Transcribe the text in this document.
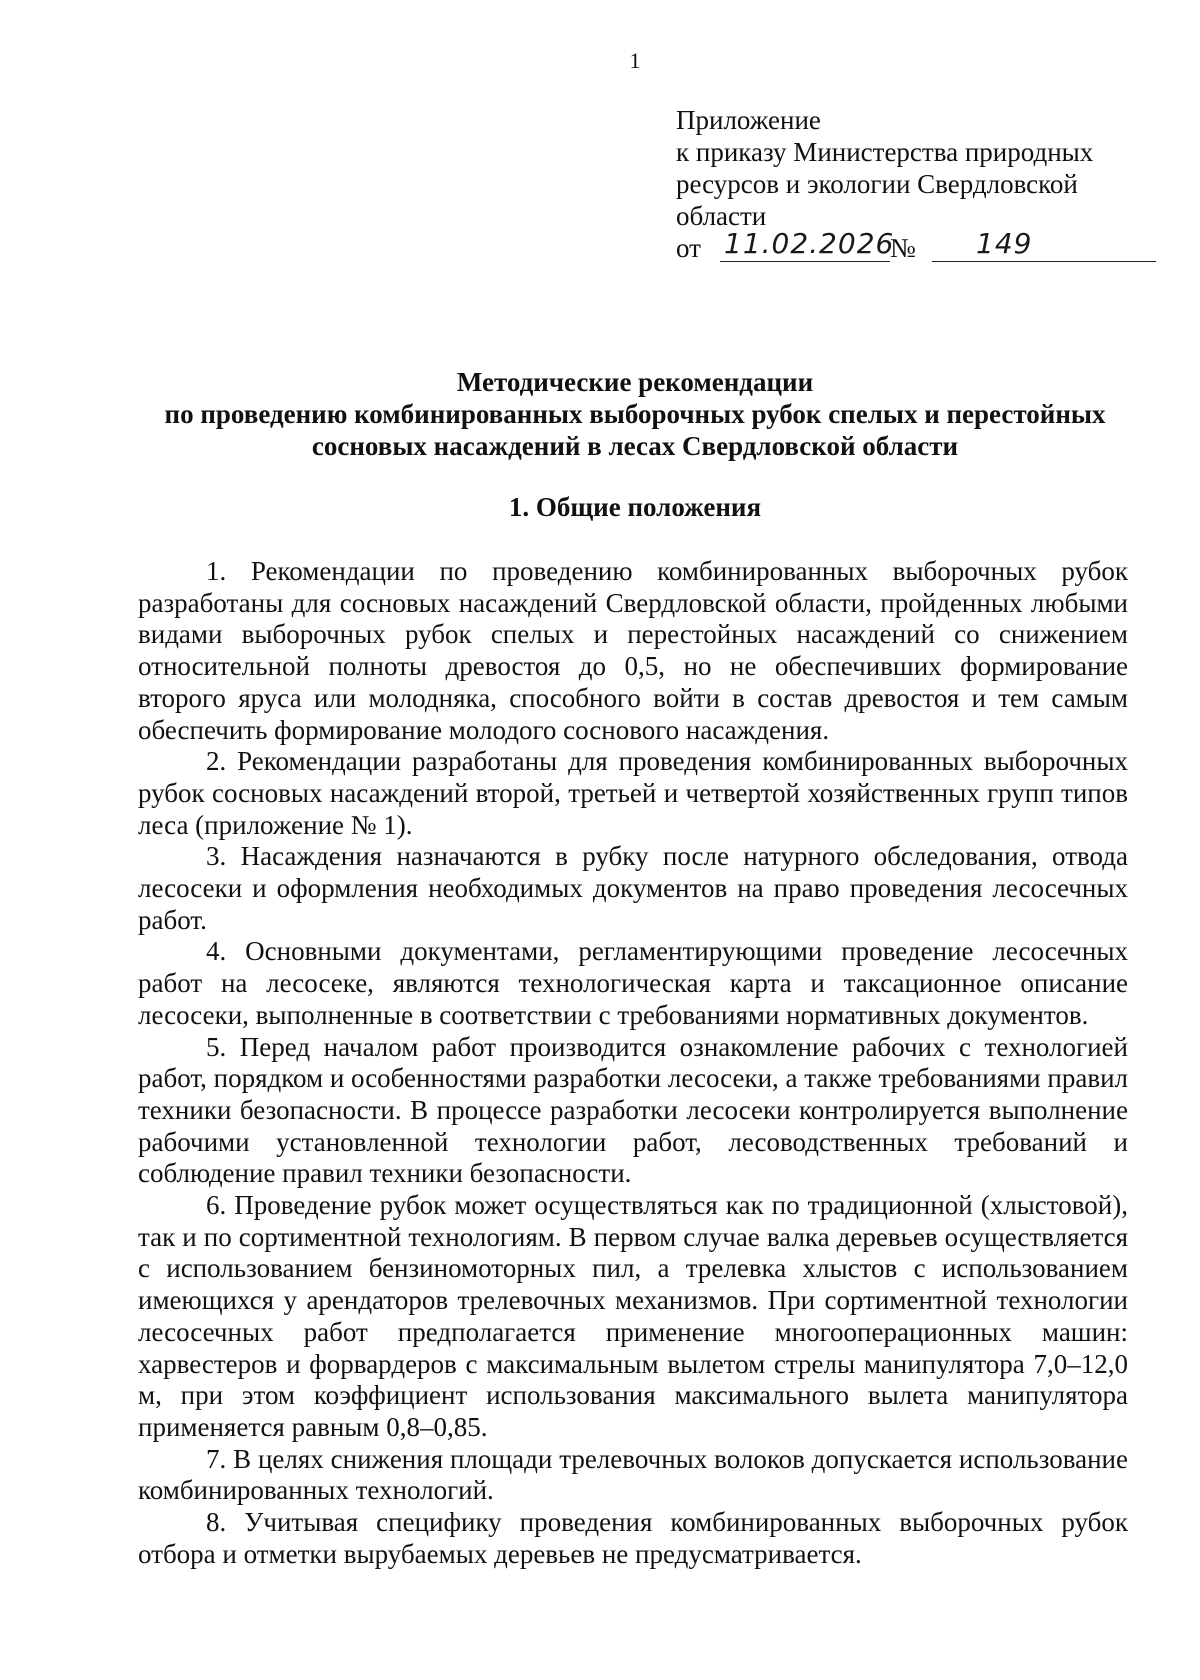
1
Приложение
к приказу Министерства природных
ресурсов и экологии Свердловской
области
от 11.02.2026
№ 149
Методические рекомендации
по проведению комбинированных выборочных рубок спелых и перестойных
сосновых насаждений в лесах Свердловской области
1. Общие положения

1. Рекомендации по проведению комбинированных выборочных рубок разработаны для сосновых насаждений Свердловской области, пройденных любыми видами выборочных рубок спелых и перестойных насаждений со снижением относительной полноты древостоя до 0,5, но не обеспечивших формирование второго яруса или молодняка, способного войти в состав древостоя и тем самым обеспечить формирование молодого соснового насаждения.

2. Рекомендации разработаны для проведения комбинированных выборочных рубок сосновых насаждений второй, третьей и четвертой хозяйственных групп типов леса (приложение № 1).

3. Насаждения назначаются в рубку после натурного обследования, отвода лесосеки и оформления необходимых документов на право проведения лесосечных работ.

4. Основными документами, регламентирующими проведение лесосечных работ на лесосеке, являются технологическая карта и таксационное описание лесосеки, выполненные в соответствии с требованиями нормативных документов.

5. Перед началом работ производится ознакомление рабочих с технологией работ, порядком и особенностями разработки лесосеки, а также требованиями правил техники безопасности. В процессе разработки лесосеки контролируется выполнение рабочими установленной технологии работ, лесоводственных требований и соблюдение правил техники безопасности.

6. Проведение рубок может осуществляться как по традиционной (хлыстовой), так и по сортиментной технологиям. В первом случае валка деревьев осуществляется с использованием бензиномоторных пил, а трелевка хлыстов с использованием имеющихся у арендаторов трелевочных механизмов. При сортиментной технологии лесосечных работ предполагается применение многооперационных машин: харвестеров и форвардеров с максимальным вылетом стрелы манипулятора 7,0–12,0 м, при этом коэффициент использования максимального вылета манипулятора применяется равным 0,8–0,85.

7. В целях снижения площади трелевочных волоков допускается использование комбинированных технологий.

8. Учитывая специфику проведения комбинированных выборочных рубок отбора и отметки вырубаемых деревьев не предусматривается.
